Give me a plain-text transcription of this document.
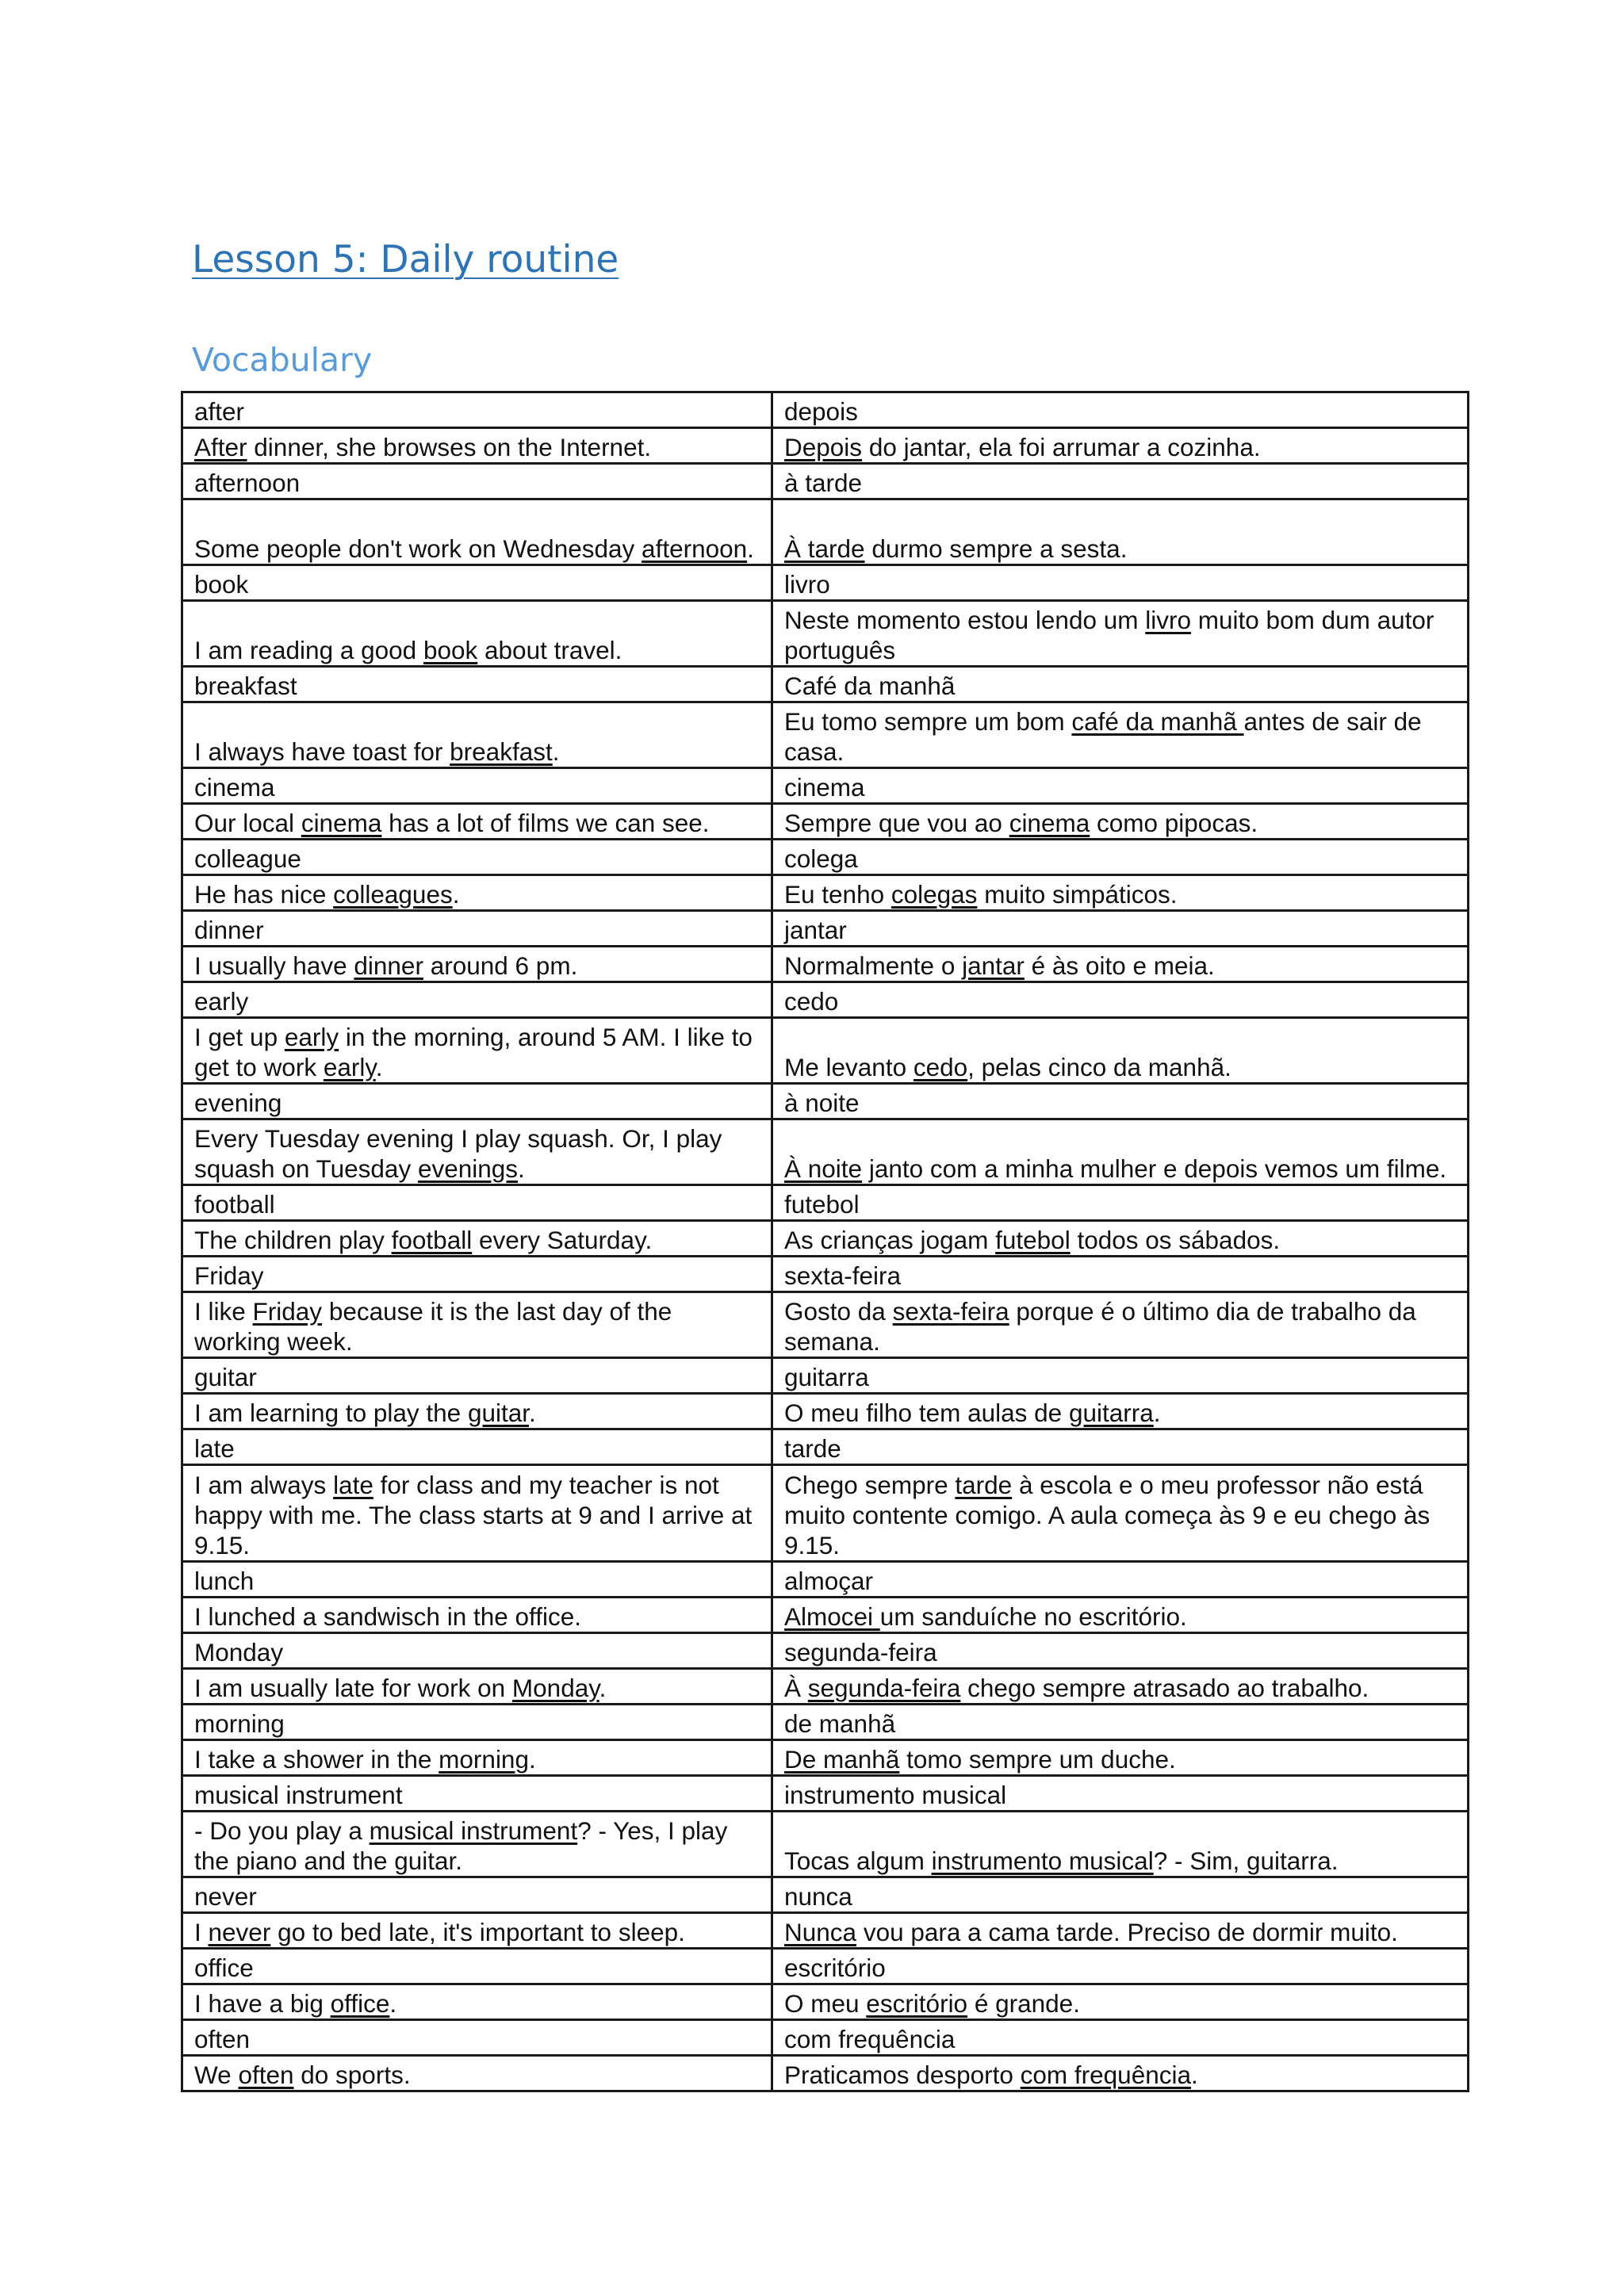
Lesson 5: Daily routine
Vocabulary
after	depois
After dinner, she browses on the Internet.	Depois do jantar, ela foi arrumar a cozinha.
afternoon	à tarde
Some people don't work on Wednesday afternoon.	À tarde durmo sempre a sesta.
book	livro
I am reading a good book about travel.	Neste momento estou lendo um livro muito bom dum autor português
breakfast	Café da manhã
I always have toast for breakfast.	Eu tomo sempre um bom café da manhã antes de sair de casa.
cinema	cinema
Our local cinema has a lot of films we can see.	Sempre que vou ao cinema como pipocas.
colleague	colega
He has nice colleagues.	Eu tenho colegas muito simpáticos.
dinner	jantar
I usually have dinner around 6 pm.	Normalmente o jantar é às oito e meia.
early	cedo
I get up early in the morning, around 5 AM. I like to get to work early.	Me levanto cedo, pelas cinco da manhã.
evening	à noite
Every Tuesday evening I play squash. Or, I play squash on Tuesday evenings.	À noite janto com a minha mulher e depois vemos um filme.
football	futebol
The children play football every Saturday.	As crianças jogam futebol todos os sábados.
Friday	sexta-feira
I like Friday because it is the last day of the working week.	Gosto da sexta-feira porque é o último dia de trabalho da semana.
guitar	guitarra
I am learning to play the guitar.	O meu filho tem aulas de guitarra.
late	tarde
I am always late for class and my teacher is not happy with me. The class starts at 9 and I arrive at 9.15.	Chego sempre tarde à escola e o meu professor não está muito contente comigo. A aula começa às 9 e eu chego às 9.15.
lunch	almoçar
I lunched a sandwisch in the office.	Almocei um sanduíche no escritório.
Monday	segunda-feira
I am usually late for work on Monday.	À segunda-feira chego sempre atrasado ao trabalho.
morning	de manhã
I take a shower in the morning.	De manhã tomo sempre um duche.
musical instrument	instrumento musical
- Do you play a musical instrument? - Yes, I play the piano and the guitar.	Tocas algum instrumento musical? - Sim, guitarra.
never	nunca
I never go to bed late, it's important to sleep.	Nunca vou para a cama tarde. Preciso de dormir muito.
office	escritório
I have a big office.	O meu escritório é grande.
often	com frequência
We often do sports.	Praticamos desporto com frequência.
